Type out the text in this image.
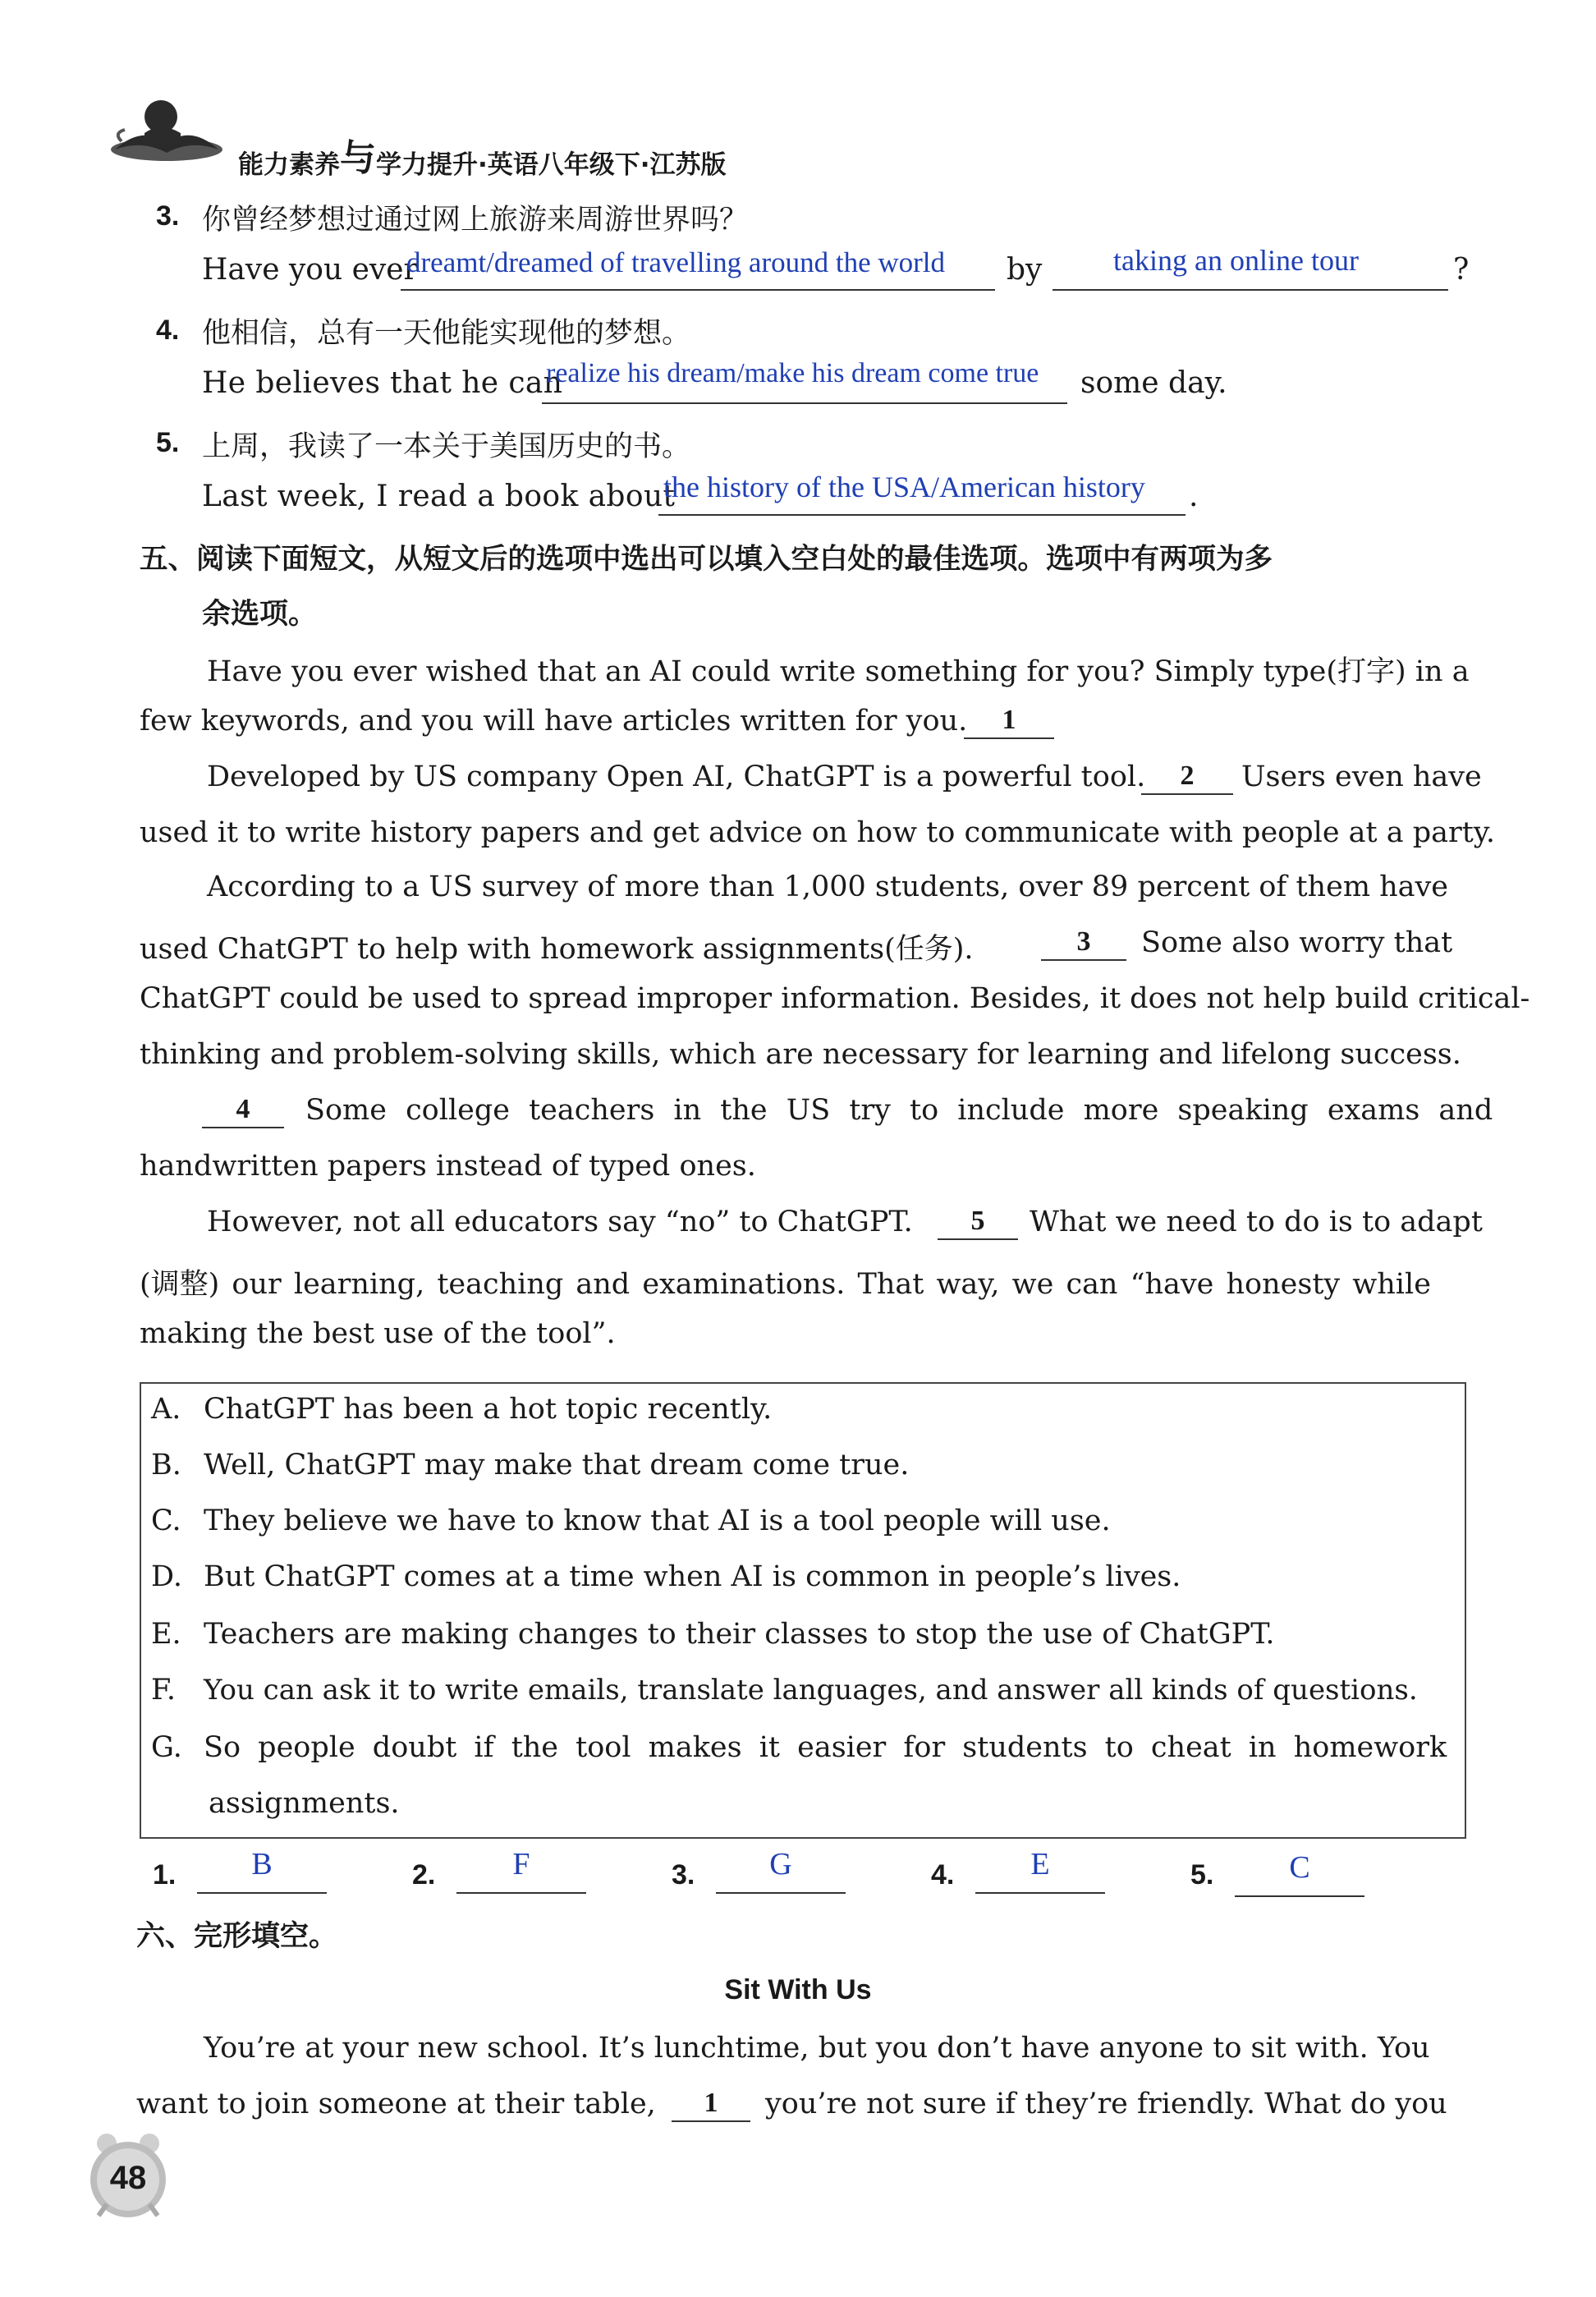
能力素养与学力提升·英语八年级下·江苏版
3. 你曾经梦想过通过网上旅游来周游世界吗？
Have you ever
dreamt/dreamed of travelling around the world by taking an online tour	?
4. 他相信，总有一天他能实现他的梦想。
He believes that he can
realize his dream/make his dream come true some day.
5. 上周，我读了一本关于美国历史的书。
Last week, I read a book about
the history of the USA/American history .
五、阅读下面短文，从短文后的选项中选出可以填入空白处的最佳选项。选项中有两项为多
余选项。
Have you ever wished that an AI could write something for you? Simply type(打字) in a
few keywords, and you will have articles written for you.	1
Developed by US company Open AI, ChatGPT is a powerful tool.	2	Users even have
used it to write history papers and get advice on how to communicate with people at a party.
According to a US survey of more than 1,000 students, over 89 percent of them have
used ChatGPT to help with homework assignments(任务).	3	Some also worry that
ChatGPT could be used to spread improper information. Besides, it does not help build critical-
thinking and problem-solving skills, which are necessary for learning and lifelong success.
4	Some college teachers in the US try to include more speaking exams and
handwritten papers instead of typed ones.
However, not all educators say “no” to ChatGPT.	5	What we need to do is to adapt
(调整) our learning, teaching and examinations. That way, we can “have honesty while
making the best use of the tool”.
A. ChatGPT has been a hot topic recently.
B. Well, ChatGPT may make that dream come true.
C. They believe we have to know that AI is a tool people will use.
D. But ChatGPT comes at a time when AI is common in people’s lives.
E. Teachers are making changes to their classes to stop the use of ChatGPT.
F. You can ask it to write emails, translate languages, and answer all kinds of questions.
G. So people doubt if the tool makes it easier for students to cheat in homework
assignments.
1.	B	2.	F	3.	G	4.	E	5.	C
六、完形填空。
Sit With Us
You’re at your new school. It’s lunchtime, but you don’t have anyone to sit with. You
want to join someone at their table,	1	you’re not sure if they’re friendly. What do you
48
